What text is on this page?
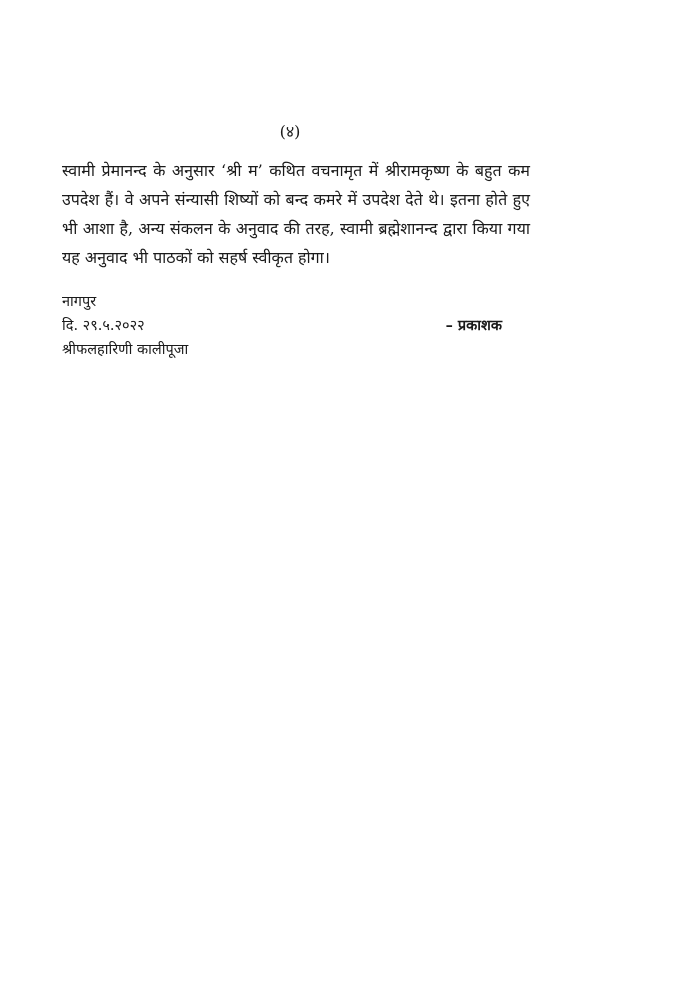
(४)

स्वामी प्रेमानन्द के अनुसार ‘श्री म’ कथित वचनामृत में श्रीरामकृष्ण के बहुत कम उपदेश हैं। वे अपने संन्यासी शिष्यों को बन्द कमरे में उपदेश देते थे। इतना होते हुए भी आशा है, अन्य संकलन के अनुवाद की तरह, स्वामी ब्रह्मेशानन्द द्वारा किया गया यह अनुवाद भी पाठकों को सहर्ष स्वीकृत होगा।

नागपुर
दि. २९.५.२०२२	– प्रकाशक
श्रीफलहारिणी कालीपूजा
